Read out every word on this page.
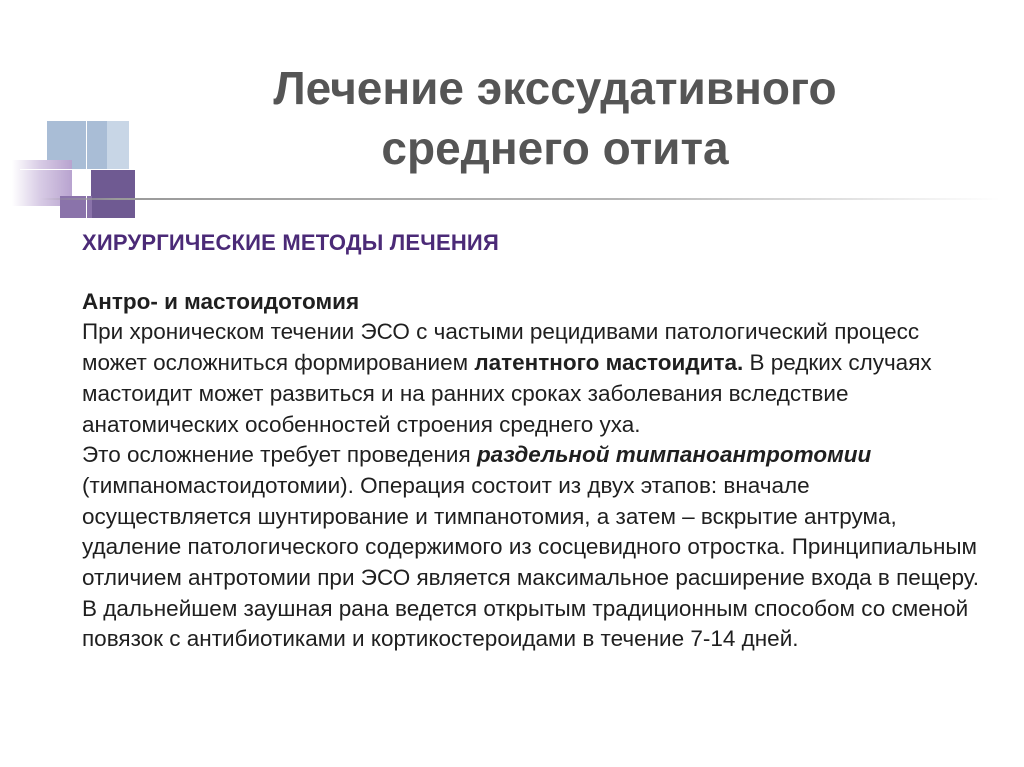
Лечение экссудативного
среднего отита
ХИРУРГИЧЕСКИЕ МЕТОДЫ ЛЕЧЕНИЯ

Антро- и мастоидотомия

При хроническом течении ЭСО с частыми рецидивами патологический процесс может осложниться формированием латентного мастоидита. В редких случаях мастоидит может развиться и на ранних сроках заболевания вследствие анатомических особенностей строения среднего уха.

Это осложнение требует проведения раздельной тимпаноантротомии (тимпаномастоидотомии). Операция состоит из двух этапов: вначале осуществляется шунтирование и тимпанотомия, а затем – вскрытие антрума, удаление патологического содержимого из сосцевидного отростка. Принципиальным отличием антротомии при ЭСО является максимальное расширение входа в пещеру. В дальнейшем заушная рана ведется открытым традиционным способом со сменой повязок с антибиотиками и кортикостероидами в течение 7-14 дней.
